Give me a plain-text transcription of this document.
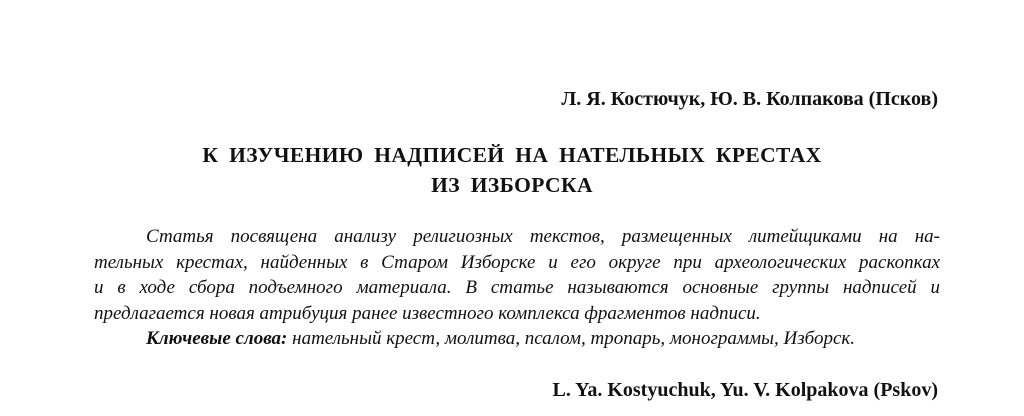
Л. Я. Костючук, Ю. В. Колпакова (Псков)
К ИЗУЧЕНИЮ НАДПИСЕЙ НА НАТЕЛЬНЫХ КРЕСТАХ
ИЗ ИЗБОРСКА
Статья посвящена анализу религиозных текстов, размещенных литейщиками на на-
тельных крестах, найденных в Старом Изборске и его округе при археологических раскопках
и в ходе сбора подъемного материала. В статье называются основные группы надписей и
предлагается новая атрибуция ранее известного комплекса фрагментов надписи.
Ключевые слова: нательный крест, молитва, псалом, тропарь, монограммы, Изборск.
L. Ya. Kostyuchuk, Yu. V. Kolpakova (Pskov)
